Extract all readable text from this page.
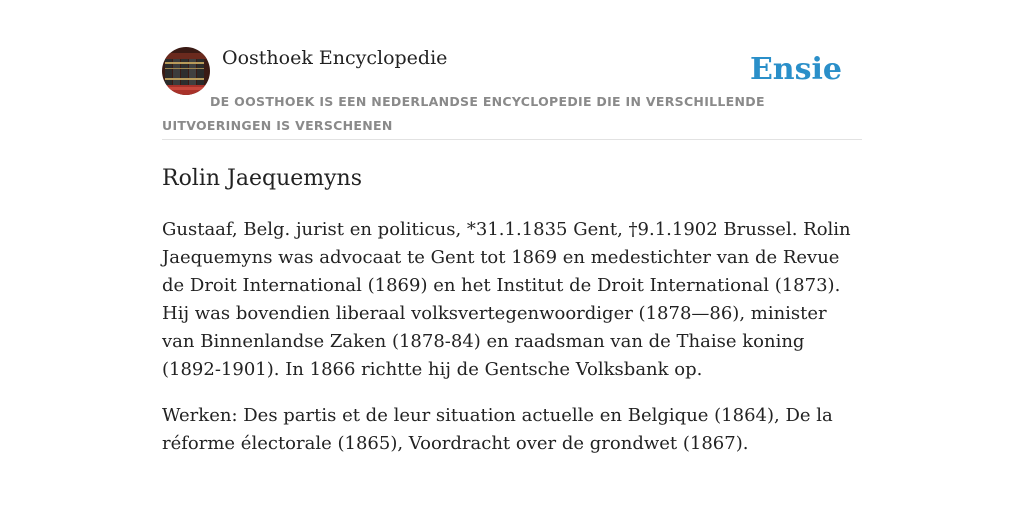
Oosthoek Encyclopedie	Ensie
DE OOSTHOEK IS EEN NEDERLANDSE ENCYCLOPEDIE DIE IN VERSCHILLENDE UITVOERINGEN IS VERSCHENEN
Rolin Jaequemyns

Gustaaf, Belg. jurist en politicus, *31.1.1835 Gent, †9.1.1902 Brussel. Rolin Jaequemyns was advocaat te Gent tot 1869 en medestichter van de Revue de Droit International (1869) en het Institut de Droit International (1873). Hij was bovendien liberaal volksvertegenwoordiger (1878—86), minister van Binnenlandse Zaken (1878-84) en raadsman van de Thaise koning (1892-1901). In 1866 richtte hij de Gentsche Volksbank op.

Werken: Des partis et de leur situation actuelle en Belgique (1864), De la réforme électorale (1865), Voordracht over de grondwet (1867).
